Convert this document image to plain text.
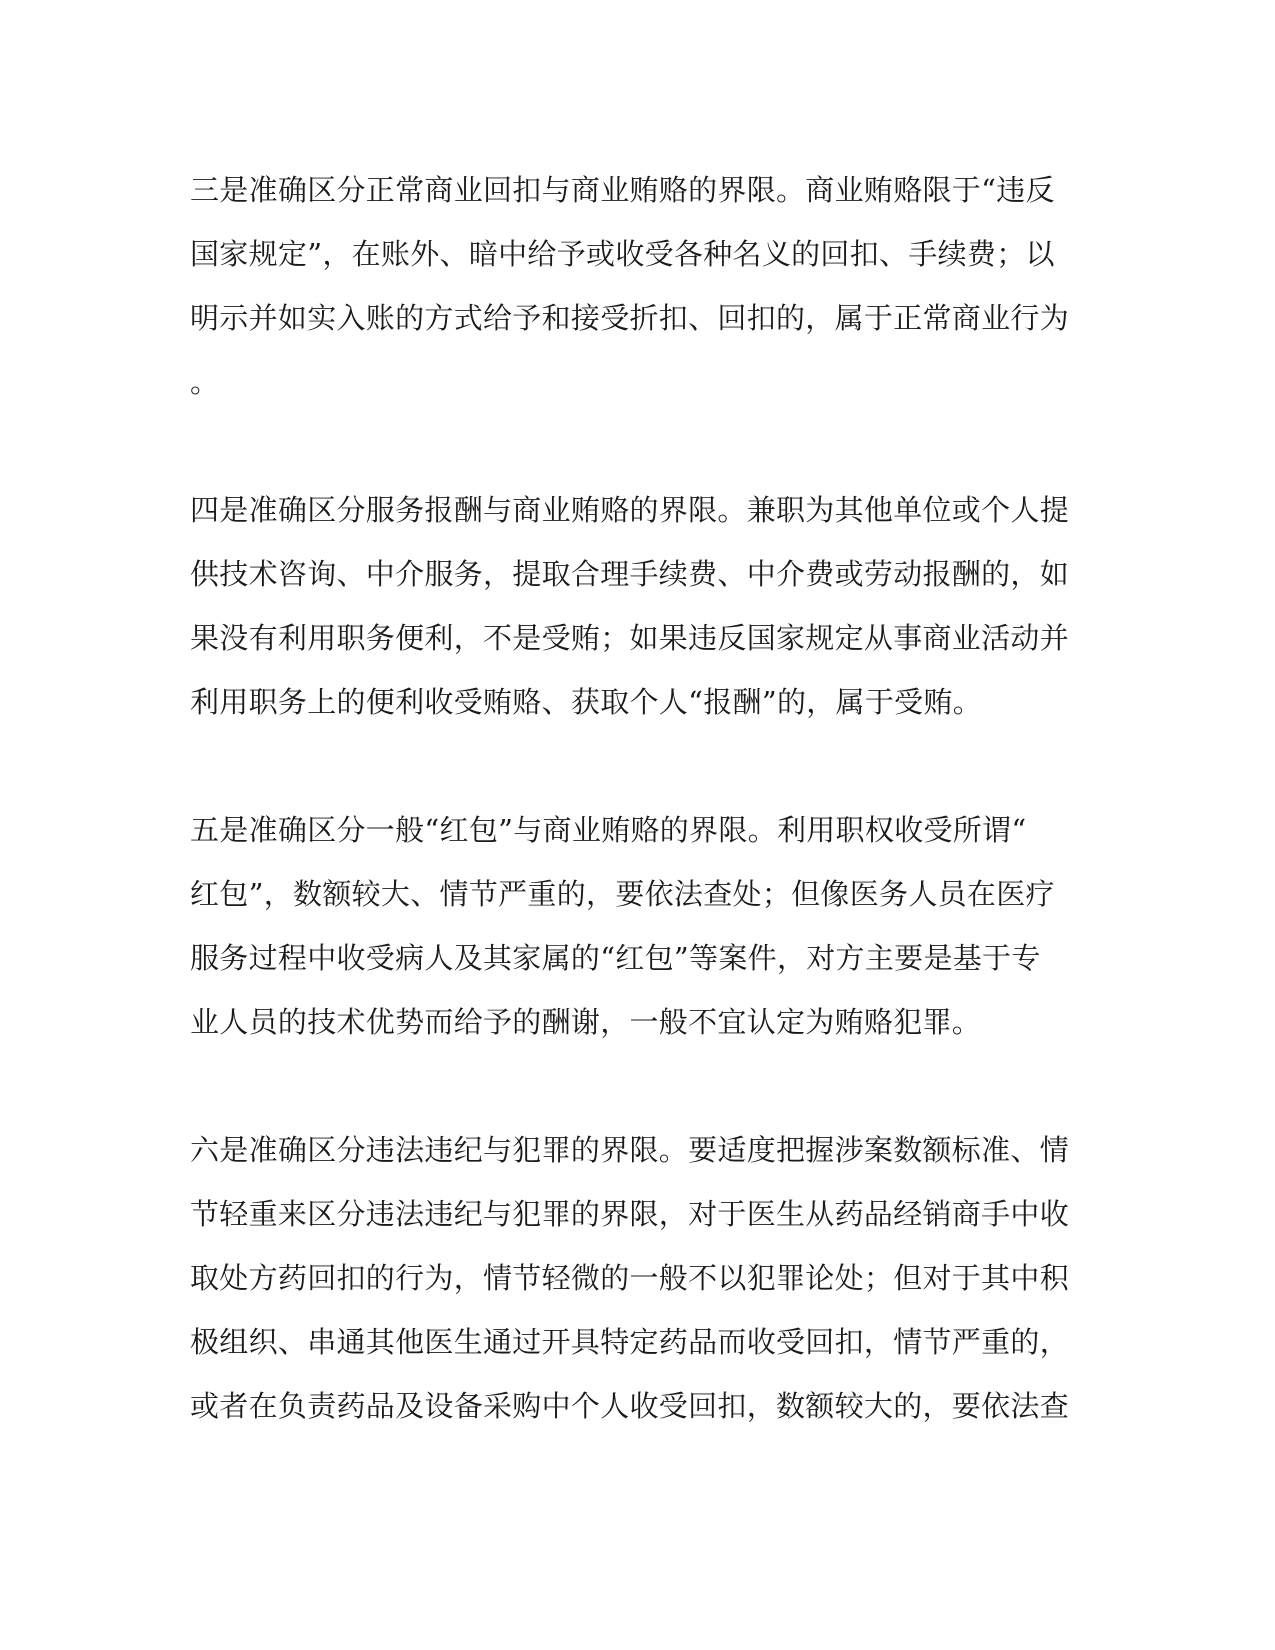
三是准确区分正常商业回扣与商业贿赂的界限。商业贿赂限于“违反
国家规定”，在账外、暗中给予或收受各种名义的回扣、手续费；以
明示并如实入账的方式给予和接受折扣、回扣的，属于正常商业行为
。
四是准确区分服务报酬与商业贿赂的界限。兼职为其他单位或个人提
供技术咨询、中介服务，提取合理手续费、中介费或劳动报酬的，如
果没有利用职务便利，不是受贿；如果违反国家规定从事商业活动并
利用职务上的便利收受贿赂、获取个人“报酬”的，属于受贿。
五是准确区分一般“红包”与商业贿赂的界限。利用职权收受所谓“
红包”，数额较大、情节严重的，要依法查处；但像医务人员在医疗
服务过程中收受病人及其家属的“红包”等案件，对方主要是基于专
业人员的技术优势而给予的酬谢，一般不宜认定为贿赂犯罪。
六是准确区分违法违纪与犯罪的界限。要适度把握涉案数额标准、情
节轻重来区分违法违纪与犯罪的界限，对于医生从药品经销商手中收
取处方药回扣的行为，情节轻微的一般不以犯罪论处；但对于其中积
极组织、串通其他医生通过开具特定药品而收受回扣，情节严重的，
或者在负责药品及设备采购中个人收受回扣，数额较大的，要依法查
